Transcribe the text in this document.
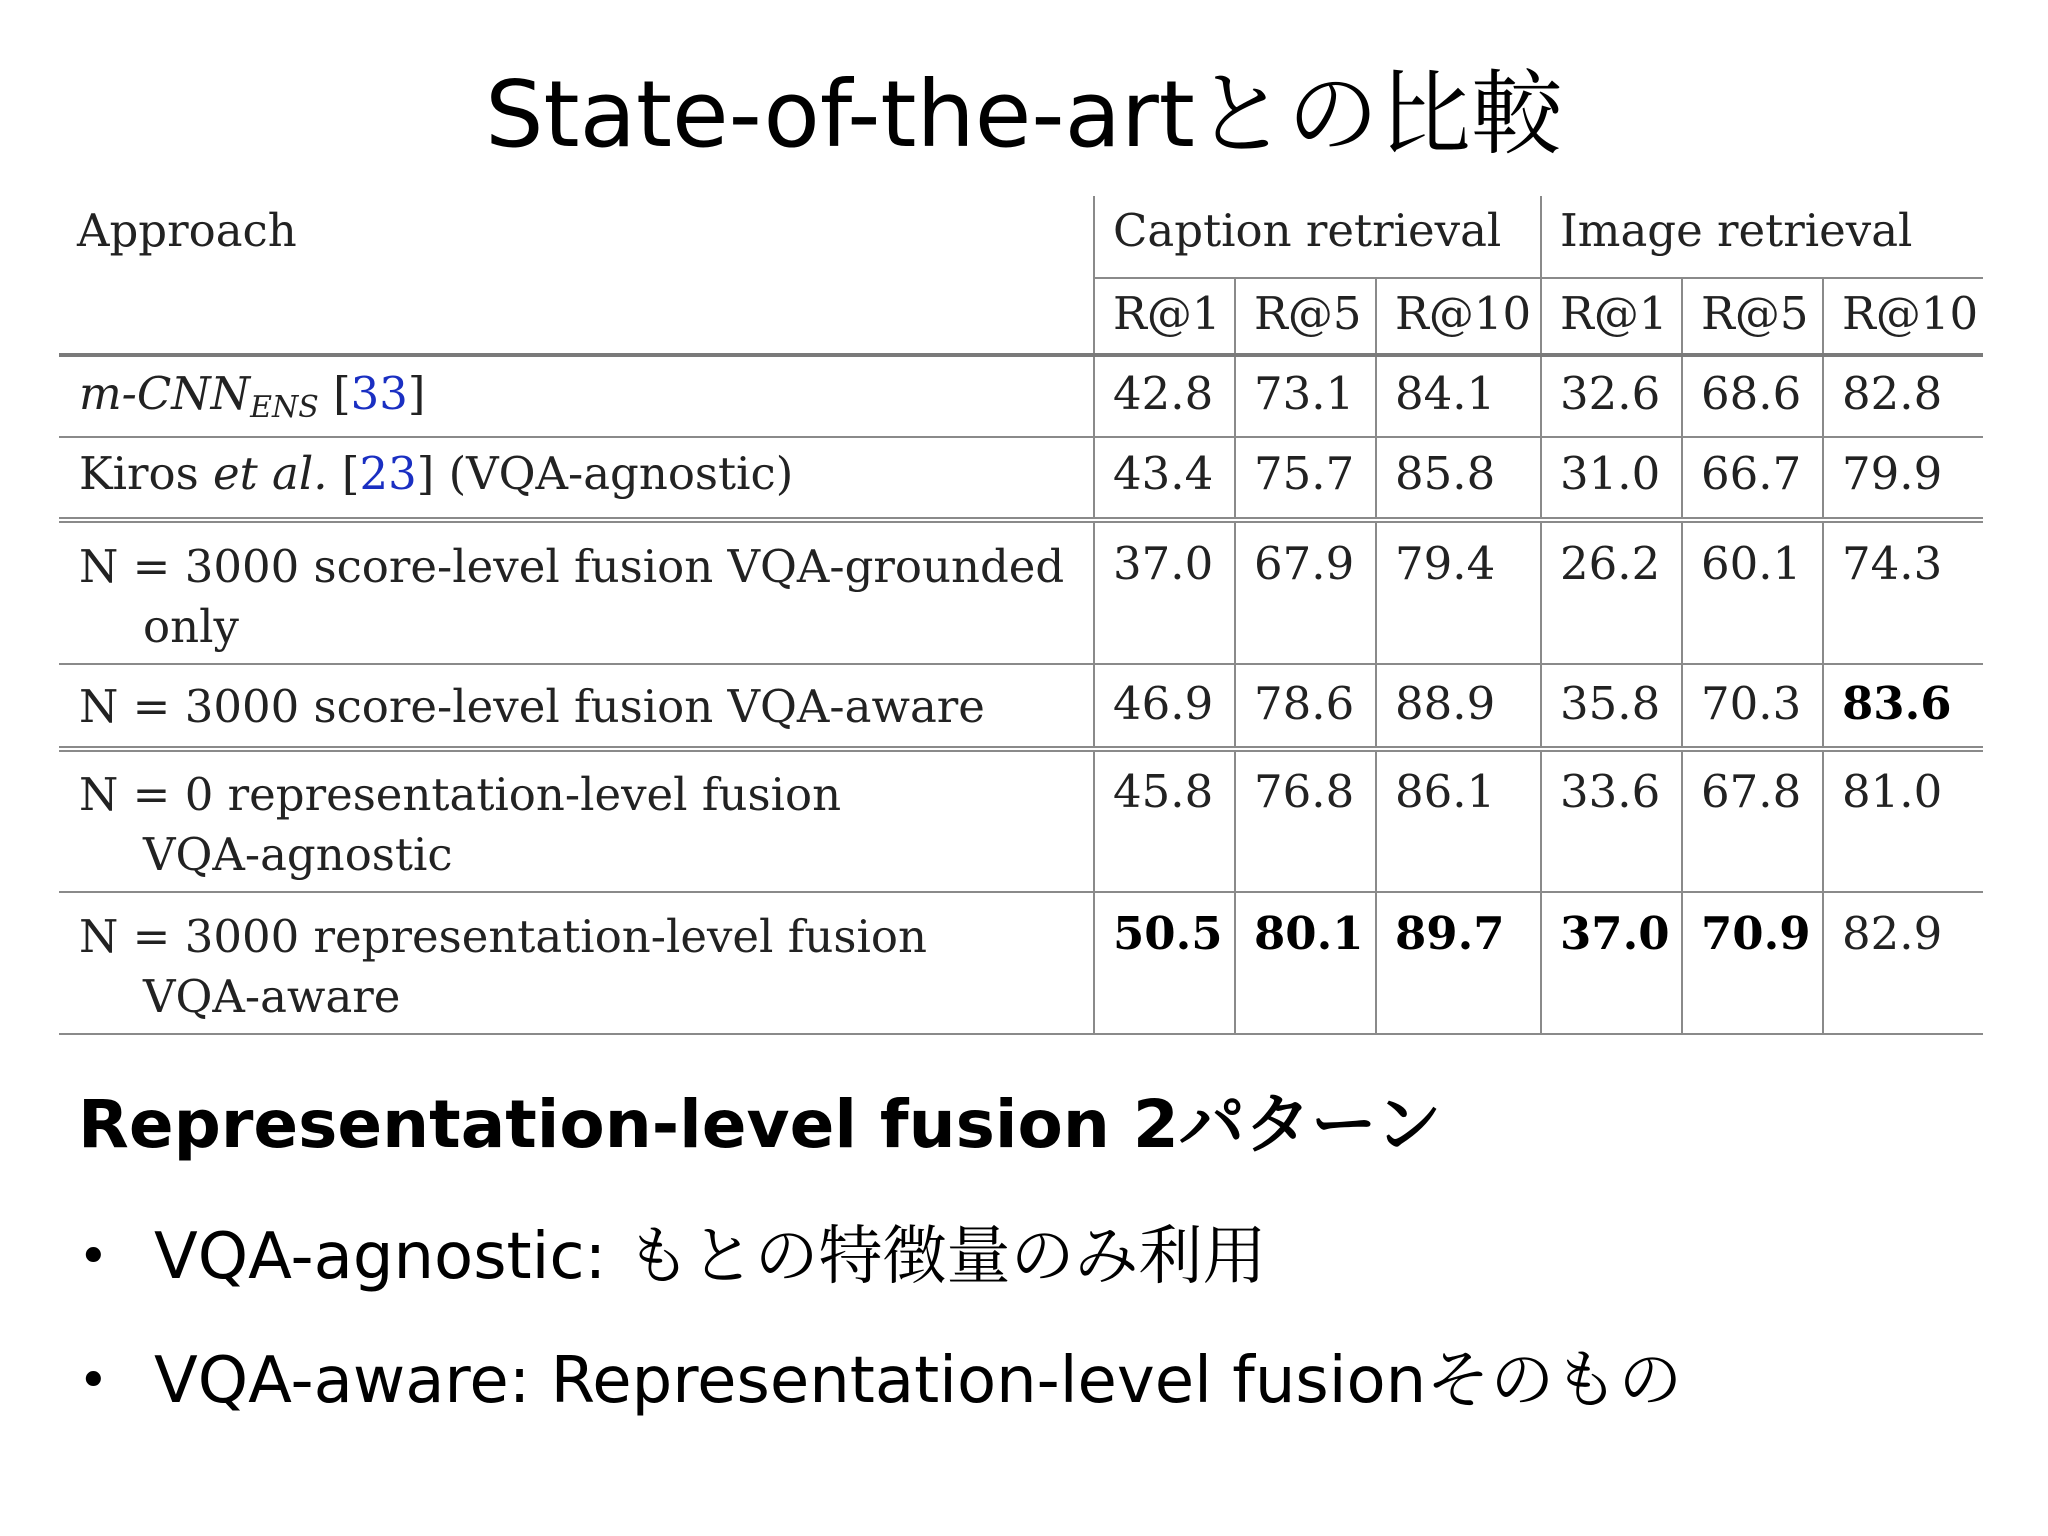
State-of-the-artとの比較
Approach	Caption retrieval			Image retrieval		
	R@1	R@5	R@10	R@1	R@5	R@10
$m-CNN_{ENS}$ [33]	42.8	73.1	84.1	32.6	68.6	82.8
Kiros et al. [23] (VQA-agnostic)	43.4	75.7	85.8	31.0	66.7	79.9

N = 3000 score-level fusion VQA-grounded
only	37.0	67.9	79.4	26.2	60.1	74.3

N = 3000 score-level fusion VQA-aware	46.9	78.6	88.9	35.8	70.3	83.6

N = 0 representation-level fusion
VQA-agnostic	45.8	76.8	86.1	33.6	67.8	81.0

N = 3000 representation-level fusion
VQA-aware	50.5	80.1	89.7	37.0	70.9	82.9
Representation-level fusion 2パターン
• VQA-agnostic: もとの特徴量のみ利用
• VQA-aware: Representation-level fusionそのもの
